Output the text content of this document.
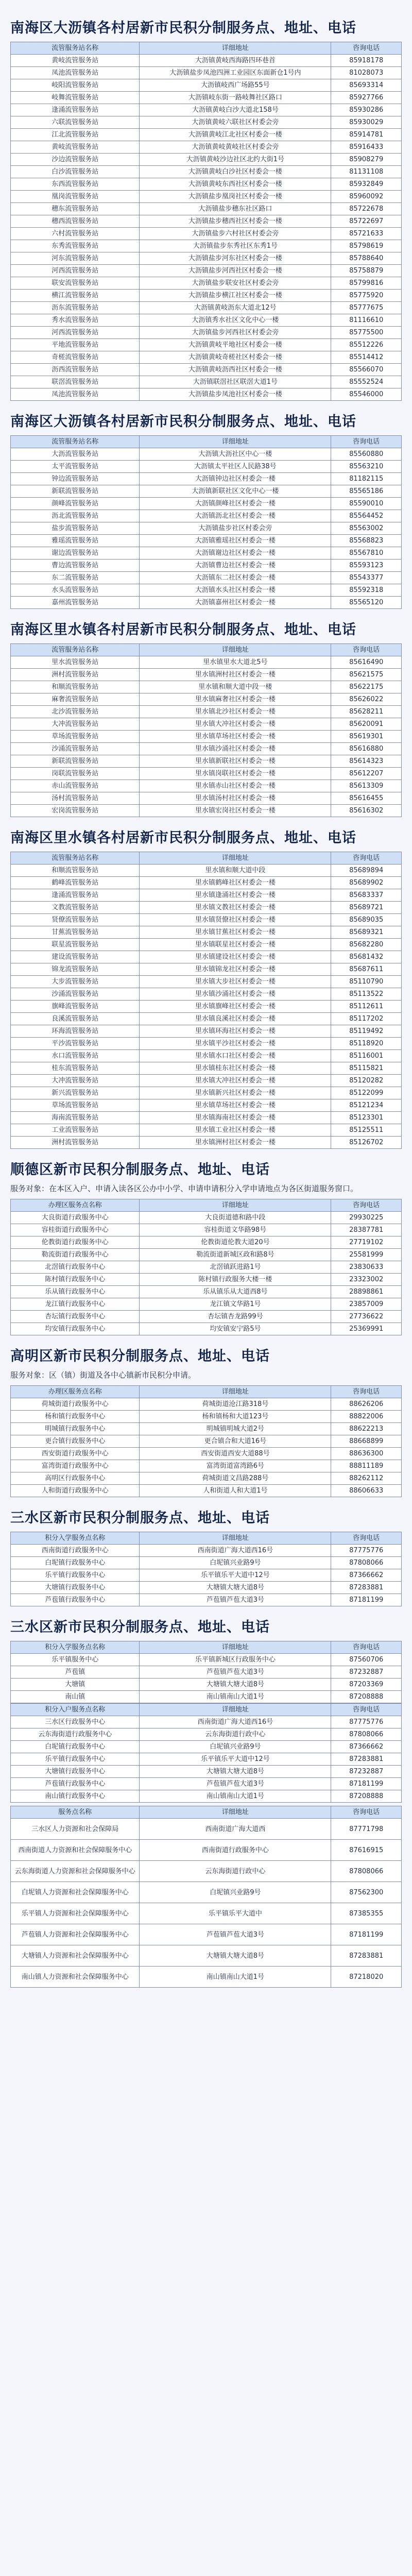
南海区大沥镇各村居新市民积分制服务点、地址、电话
流管服务站名称	详细地址	咨询电话
黄岐流管服务站	大沥镇黄岐西海路四环巷首	85918178
凤池流管服务站	大沥镇盐步凤池四洲工业园区东面新仓1号内	81028073
岐阳流管服务站	大沥镇岐西广场路55号	85693314
岐舞流管服务站	大沥镇岐东街一路岐舞社区路口	85927766
逢涌流管服务站	大沥镇黄岐白沙大道北158号	85930286
六联流管服务站	大沥镇黄岐六联社区村委会旁	85930029
江北流管服务站	大沥镇黄岐江北社区村委会一楼	85914781
黄岐流管服务站	大沥镇黄岐黄岐社区村委会旁	85916433
沙边流管服务站	大沥镇黄岐沙边社区北约大街1号	85908279
白沙流管服务站	大沥镇黄岐白沙社区村委会一楼	81131108
东西流管服务站	大沥镇黄岐东西社区村委会一楼	85932849
凰岗流管服务站	大沥镇盐步凰岗社区村委会一楼	85960092
穗东流管服务站	大沥镇盐步穗东社区路口	85722678
穗西流管服务站	大沥镇盐步穗西社区村委会一楼	85722697
六村流管服务站	大沥镇盐步六村社区村委会旁	85721633
东秀流管服务站	大沥镇盐步东秀社区东秀1号	85798619
河东流管服务站	大沥镇盐步河东社区村委会一楼	85788640
河西流管服务站	大沥镇盐步河西社区村委会一楼	85758879
联安流管服务站	大沥镇盐步联安社区村委会旁	85799816
横江流管服务站	大沥镇盐步横江社区村委会一楼	85775920
沥东流管服务站	大沥镇黄岐沥东大道北12号	85777675
秀水流管服务站	大沥镇秀水社区文化中心一楼	81116610
河西流管服务站	大沥镇盐步河西社区村委会旁	85775500
平地流管服务站	大沥镇黄岐平地社区村委会一楼	85512226
奇槎流管服务站	大沥镇黄岐奇槎社区村委会一楼	85514412
沥西流管服务站	大沥镇黄岐沥西社区村委会一楼	85566070
联滘流管服务站	大沥镇联滘社区联滘大道1号	85552524
凤池流管服务站	大沥镇盐步凤池社区村委会一楼	85546000
南海区大沥镇各村居新市民积分制服务点、地址、电话
流管服务站名称	详细地址	咨询电话
大沥流管服务站	大沥镇大沥社区中心一楼	85560880
太平流管服务站	大沥镇太平社区人民路38号	85563210
钟边流管服务站	大沥镇钟边社区村委会一楼	81182115
新联流管服务站	大沥镇新联社区文化中心一楼	85565186
颜峰流管服务站	大沥镇颜峰社区村委会一楼	85590010
沥北流管服务站	大沥镇沥北社区村委会一楼	85564452
盐步流管服务站	大沥镇盐步社区村委会旁	85563002
雅瑶流管服务站	大沥镇雅瑶社区村委会一楼	85568823
谢边流管服务站	大沥镇谢边社区村委会一楼	85567810
曹边流管服务站	大沥镇曹边社区村委会一楼	85593123
东二流管服务站	大沥镇东二社区村委会一楼	85543377
水头流管服务站	大沥镇水头社区村委会一楼	85592318
嘉州流管服务站	大沥镇嘉州社区村委会一楼	85565120
南海区里水镇各村居新市民积分制服务点、地址、电话
流管服务站名称	详细地址	咨询电话
里水流管服务站	里水镇里水大道北5号	85616490
洲村流管服务站	里水镇洲村社区村委会一楼	85621575
和顺流管服务站	里水镇和顺大道中段一楼	85622175
麻奢流管服务站	里水镇麻奢社区村委会一楼	85626022
北沙流管服务站	里水镇北沙社区村委会一楼	85628211
大冲流管服务站	里水镇大冲社区村委会一楼	85620091
草场流管服务站	里水镇草场社区村委会一楼	85619301
沙涌流管服务站	里水镇沙涌社区村委会一楼	85616880
新联流管服务站	里水镇新联社区村委会一楼	85614323
岗联流管服务站	里水镇岗联社区村委会一楼	85612207
赤山流管服务站	里水镇赤山社区村委会一楼	85613309
汤村流管服务站	里水镇汤村社区村委会一楼	85616455
宏岗流管服务站	里水镇宏岗社区村委会一楼	85616302
南海区里水镇各村居新市民积分制服务点、地址、电话
流管服务站名称	详细地址	咨询电话
和顺流管服务站	里水镇和顺大道中段	85689894
鹤峰流管服务站	里水镇鹤峰社区村委会一楼	85689902
逢涌流管服务站	里水镇逢涌社区村委会一楼	85683337
文教流管服务站	里水镇文教社区村委会一楼	85689721
贤僚流管服务站	里水镇贤僚社区村委会一楼	85689035
甘蕉流管服务站	里水镇甘蕉社区村委会一楼	85689321
联星流管服务站	里水镇联星社区村委会一楼	85682280
建设流管服务站	里水镇建设社区村委会一楼	85681432
锦龙流管服务站	里水镇锦龙社区村委会一楼	85687611
大步流管服务站	里水镇大步社区村委会一楼	85110790
沙涌流管服务站	里水镇沙涌社区村委会一楼	85113522
旗峰流管服务站	里水镇旗峰社区村委会一楼	85112611
良溪流管服务站	里水镇良溪社区村委会一楼	85117202
环海流管服务站	里水镇环海社区村委会一楼	85119492
平沙流管服务站	里水镇平沙社区村委会一楼	85118920
水口流管服务站	里水镇水口社区村委会一楼	85116001
桂东流管服务站	里水镇桂东社区村委会一楼	85115821
大冲流管服务站	里水镇大冲社区村委会一楼	85120282
新兴流管服务站	里水镇新兴社区村委会一楼	85122099
草场流管服务站	里水镇草场社区村委会一楼	85121234
海南流管服务站	里水镇海南社区村委会一楼	85123301
工业流管服务站	里水镇工业社区村委会一楼	85125511
洲村流管服务站	里水镇洲村社区村委会一楼	85126702
顺德区新市民积分制服务点、地址、电话
服务对象：在本区入户、申请入读各区公办中小学、申请申请积分入学申请地点为各区街道服务窗口。
办理区服务点名称	详细地址	咨询电话
大良街道行政服务中心	大良街道德和路中段	29930225
容桂街道行政服务中心	容桂街道文华路98号	28387781
伦教街道行政服务中心	伦教街道伦教大道20号	27719102
勒流街道行政服务中心	勒流街道新城区政和路8号	25581999
北滘镇行政服务中心	北滘镇跃进路1号	23830633
陈村镇行政服务中心	陈村镇行政服务大楼一楼	23323002
乐从镇行政服务中心	乐从镇乐从大道西8号	28898861
龙江镇行政服务中心	龙江镇文华路1号	23857009
杏坛镇行政服务中心	杏坛镇杏龙路99号	27736622
均安镇行政服务中心	均安镇安宁路5号	25369991
高明区新市民积分制服务点、地址、电话
服务对象：区（镇）街道及各中心镇新市民积分申请。
办理区服务点名称	详细地址	咨询电话
荷城街道行政服务中心	荷城街道沧江路318号	88626206
杨和镇行政服务中心	杨和镇杨和大道123号	88822006
明城镇行政服务中心	明城镇明城大道2号	88622213
更合镇行政服务中心	更合镇合和大道16号	88668899
西安街道行政服务中心	西安街道西安大道88号	88636300
富湾街道行政服务中心	富湾街道富湾路6号	88811189
高明区行政服务中心	荷城街道文昌路288号	88262112
人和街道行政服务中心	人和街道人和大道1号	88606633
三水区新市民积分制服务点、地址、电话
积分入学服务点名称	详细地址	咨询电话
西南街道行政服务中心	西南街道广海大道西16号	87775776
白坭镇行政服务中心	白坭镇兴业路9号	87808066
乐平镇行政服务中心	乐平镇乐平大道中12号	87366662
大塘镇行政服务中心	大塘镇大塘大道8号	87283881
芦苞镇行政服务中心	芦苞镇芦苞大道3号	87181199
三水区新市民积分制服务点、地址、电话
积分入学服务点名称	详细地址	咨询电话
乐平镇服务中心	乐平镇新城区行政服务中心	87560706
芦苞镇	芦苞镇芦苞大道3号	87232887
大塘镇	大塘镇大塘大道8号	87203369
南山镇	南山镇南山大道1号	87208888
积分入户服务点名称	详细地址	咨询电话
三水区行政服务中心	西南街道广海大道西16号	87775776
云东海街道行政服务中心	云东海街道行政中心	87808066
白坭镇行政服务中心	白坭镇兴业路9号	87366662
乐平镇行政服务中心	乐平镇乐平大道中12号	87283881
大塘镇行政服务中心	大塘镇大塘大道8号	87232887
芦苞镇行政服务中心	芦苞镇芦苞大道3号	87181199
南山镇行政服务中心	南山镇南山大道1号	87208888
服务点名称	详细地址	咨询电话
三水区人力资源和社会保障局	西南街道广海大道西	87771798
西南街道人力资源和社会保障服务中心	西南街道行政服务中心	87616915
云东海街道人力资源和社会保障服务中心	云东海街道行政中心	87808066
白坭镇人力资源和社会保障服务中心	白坭镇兴业路9号	87562300
乐平镇人力资源和社会保障服务中心	乐平镇乐平大道中	87385355
芦苞镇人力资源和社会保障服务中心	芦苞镇芦苞大道3号	87181199
大塘镇人力资源和社会保障服务中心	大塘镇大塘大道8号	87283881
南山镇人力资源和社会保障服务中心	南山镇南山大道1号	87218020
